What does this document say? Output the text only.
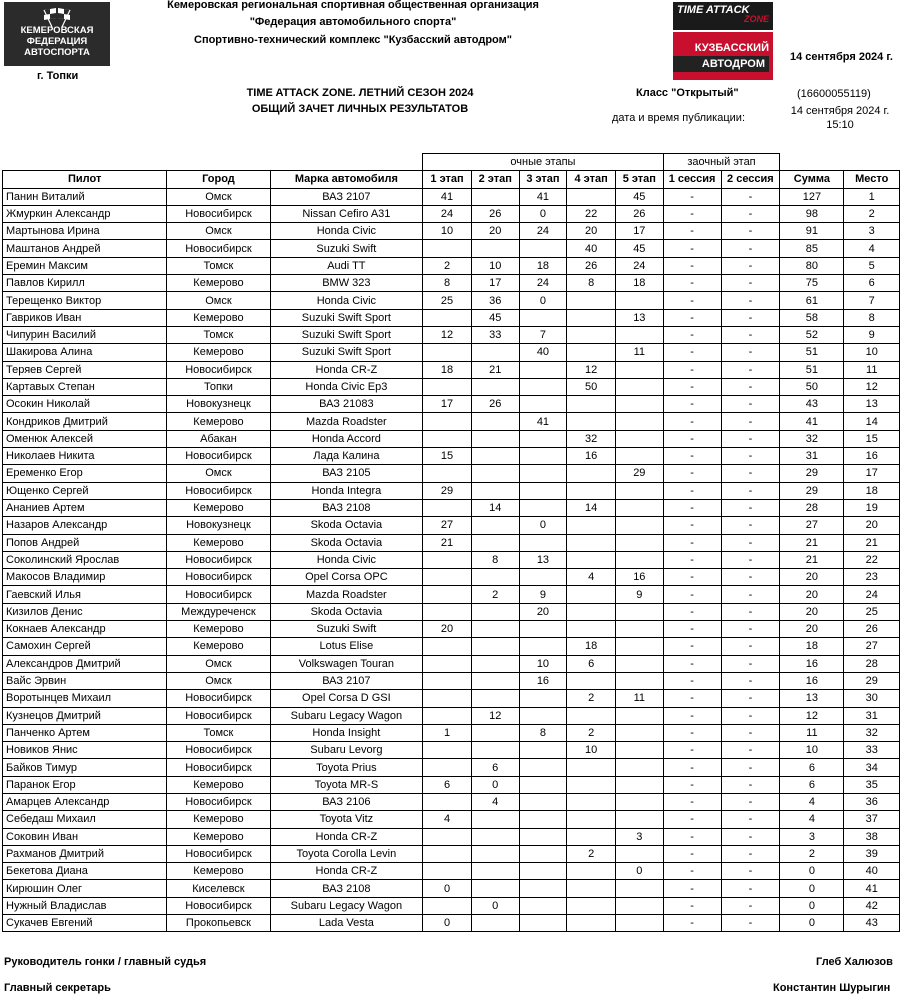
КЕМЕРОВСКАЯ
ФЕДЕРАЦИЯ АВТОСПОРТА

г. Топки
Кемеровская региональная спортивная общественная организация
"Федерация автомобильного спорта"
Спортивно-технический комплекс "Кузбасский автодром"
TIME ATTACK
ZONE
КУЗБАССКИЙ
АВТОДРОМ
14 сентября 2024 г.
TIME ATTACK ZONE. ЛЕТНИЙ СЕЗОН 2024
ОБЩИЙ ЗАЧЕТ ЛИЧНЫХ РЕЗУЛЬТАТОВ
Класс "Открытый"	(16600055119)
дата и время публикации:
14 сентября 2024 г.
15:10
			очные этапы					заочный этап			
Пилот	Город	Марка автомобиля	1 этап	2 этап	3 этап	4 этап	5 этап	1 сессия	2 сессия	Сумма	Место
Панин Виталий	Омск	ВАЗ 2107	41		41		45	-	-	127	1
Жмуркин Александр	Новосибирск	Nissan Cefiro A31	24	26	0	22	26	-	-	98	2
Мартынова Ирина	Омск	Honda Civic	10	20	24	20	17	-	-	91	3
Маштанов Андрей	Новосибирск	Suzuki Swift				40	45	-	-	85	4
Еремин Максим	Томск	Audi TT	2	10	18	26	24	-	-	80	5
Павлов Кирилл	Кемерово	BMW 323	8	17	24	8	18	-	-	75	6
Терещенко Виктор	Омск	Honda Civic	25	36	0			-	-	61	7
Гавриков Иван	Кемерово	Suzuki Swift Sport		45			13	-	-	58	8
Чипурин Василий	Томск	Suzuki Swift Sport	12	33	7			-	-	52	9
Шакирова Алина	Кемерово	Suzuki Swift Sport			40		11	-	-	51	10
Теряев Сергей	Новосибирск	Honda CR-Z	18	21		12		-	-	51	11
Картавых Степан	Топки	Honda Civic Ep3				50		-	-	50	12
Осокин Николай	Новокузнецк	ВАЗ 21083	17	26				-	-	43	13
Кондриков Дмитрий	Кемерово	Mazda Roadster			41			-	-	41	14
Оменюк Алексей	Абакан	Honda Accord				32		-	-	32	15
Николаев Никита	Новосибирск	Лада Калина	15			16		-	-	31	16
Еременко Егор	Омск	ВАЗ 2105					29	-	-	29	17
Ющенко Сергей	Новосибирск	Honda Integra	29					-	-	29	18
Ананиев Артем	Кемерово	ВАЗ 2108		14		14		-	-	28	19
Назаров Александр	Новокузнецк	Skoda Octavia	27		0			-	-	27	20
Попов Андрей	Кемерово	Skoda Octavia	21					-	-	21	21
Соколинский Ярослав	Новосибирск	Honda Civic		8	13			-	-	21	22
Макосов Владимир	Новосибирск	Opel Corsa OPC				4	16	-	-	20	23
Гаевский Илья	Новосибирск	Mazda Roadster		2	9		9	-	-	20	24
Кизилов Денис	Междуреченск	Skoda Octavia			20			-	-	20	25
Кокнаев Александр	Кемерово	Suzuki Swift	20					-	-	20	26
Самохин Сергей	Кемерово	Lotus Elise				18		-	-	18	27
Александров Дмитрий	Омск	Volkswagen Touran			10	6		-	-	16	28
Вайс Эрвин	Омск	ВАЗ 2107			16			-	-	16	29
Воротынцев Михаил	Новосибирск	Opel Corsa D GSI				2	11	-	-	13	30
Кузнецов Дмитрий	Новосибирск	Subaru Legacy Wagon		12				-	-	12	31
Панченко Артем	Томск	Honda Insight	1		8	2		-	-	11	32
Новиков Янис	Новосибирск	Subaru Levorg				10		-	-	10	33
Байков Тимур	Новосибирск	Toyota Prius		6				-	-	6	34
Паранок Егор	Кемерово	Toyota MR-S	6	0				-	-	6	35
Амарцев Александр	Новосибирск	ВАЗ 2106		4				-	-	4	36
Себедаш Михаил	Кемерово	Toyota Vitz	4					-	-	4	37
Соковин Иван	Кемерово	Honda CR-Z					3	-	-	3	38
Рахманов Дмитрий	Новосибирск	Toyota Corolla Levin				2		-	-	2	39
Бекетова Диана	Кемерово	Honda CR-Z					0	-	-	0	40
Кирюшин Олег	Киселевск	ВАЗ 2108	0					-	-	0	41
Нужный Владислав	Новосибирск	Subaru Legacy Wagon		0				-	-	0	42
Сукачев Евгений	Прокопьевск	Lada Vesta	0					-	-	0	43
Руководитель гонки / главный судья	Глеб Халюзов
Главный секретарь	Константин Шурыгин
